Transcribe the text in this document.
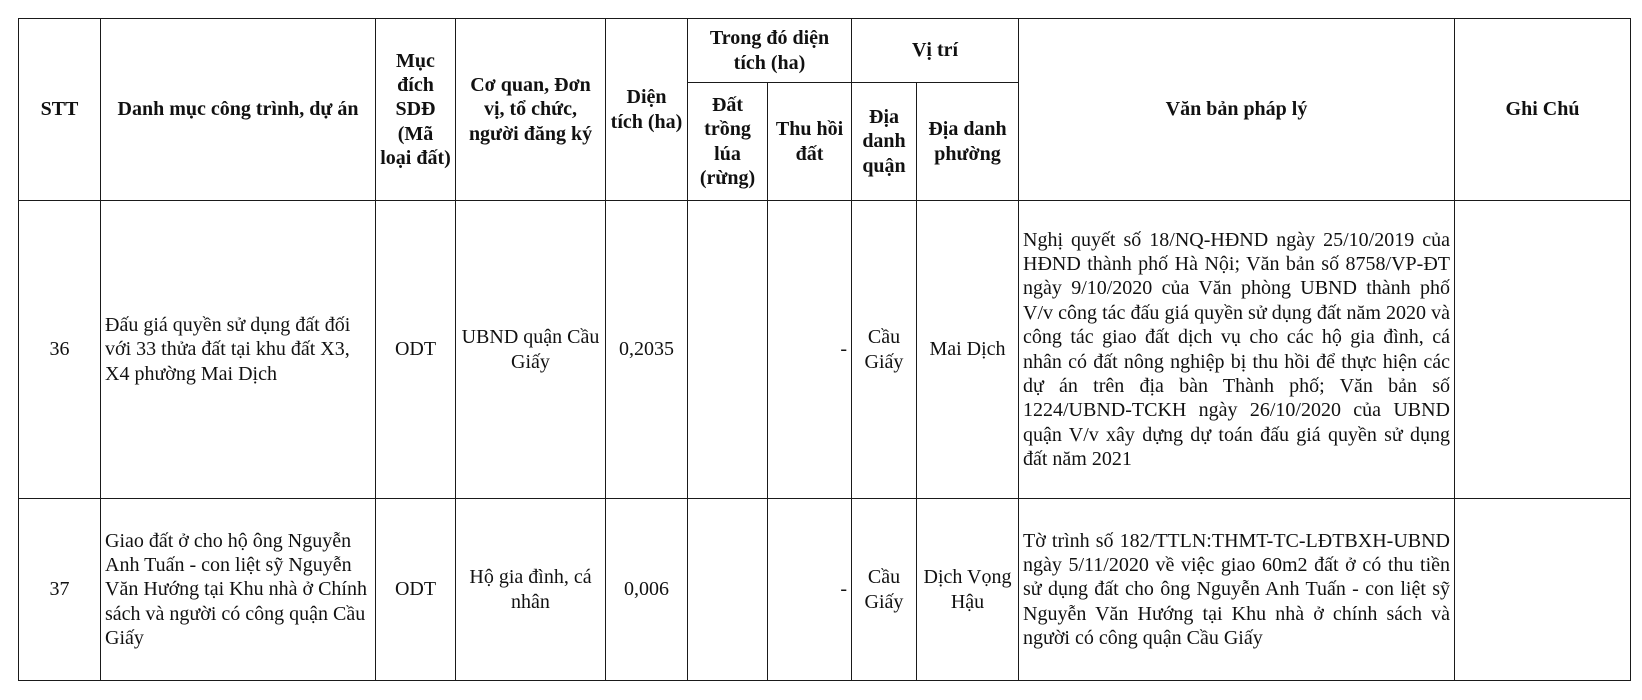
STT	Danh mục công trình, dự án	Mục đích SDĐ (Mã loại đất)	Cơ quan, Đơn vị, tổ chức, người đăng ký	Diện tích (ha)	Trong đó diện tích (ha)		Vị trí		Văn bản pháp lý	Ghi Chú
					Đất trồng lúa (rừng)	Thu hồi đất	Địa danh quận	Địa danh phường		
36	Đấu giá quyền sử dụng đất đối với 33 thửa đất tại khu đất X3, X4 phường Mai Dịch	ODT	UBND quận Cầu Giấy	0,2035		-	Cầu Giấy	Mai Dịch	Nghị quyết số 18/NQ-HĐND ngày 25/10/2019 của HĐND thành phố Hà Nội; Văn bản số 8758/VP-ĐT ngày 9/10/2020 của Văn phòng UBND thành phố V/v công tác đấu giá quyền sử dụng đất năm 2020 và công tác giao đất dịch vụ cho các hộ gia đình, cá nhân có đất nông nghiệp bị thu hồi để thực hiện các dự án trên địa bàn Thành phố; Văn bản số 1224/UBND-TCKH ngày 26/10/2020 của UBND quận V/v xây dựng dự toán đấu giá quyền sử dụng đất năm 2021	
37	Giao đất ở cho hộ ông Nguyễn Anh Tuấn - con liệt sỹ Nguyễn Văn Hướng tại Khu nhà ở Chính sách và người có công quận Cầu Giấy	ODT	Hộ gia đình, cá nhân	0,006		-	Cầu Giấy	Dịch Vọng Hậu	Tờ trình số 182/TTLN:THMT-TC-LĐTBXH-UBND ngày 5/11/2020 về việc giao 60m2 đất ở có thu tiền sử dụng đất cho ông Nguyễn Anh Tuấn - con liệt sỹ Nguyễn Văn Hướng tại Khu nhà ở chính sách và người có công quận Cầu Giấy	
